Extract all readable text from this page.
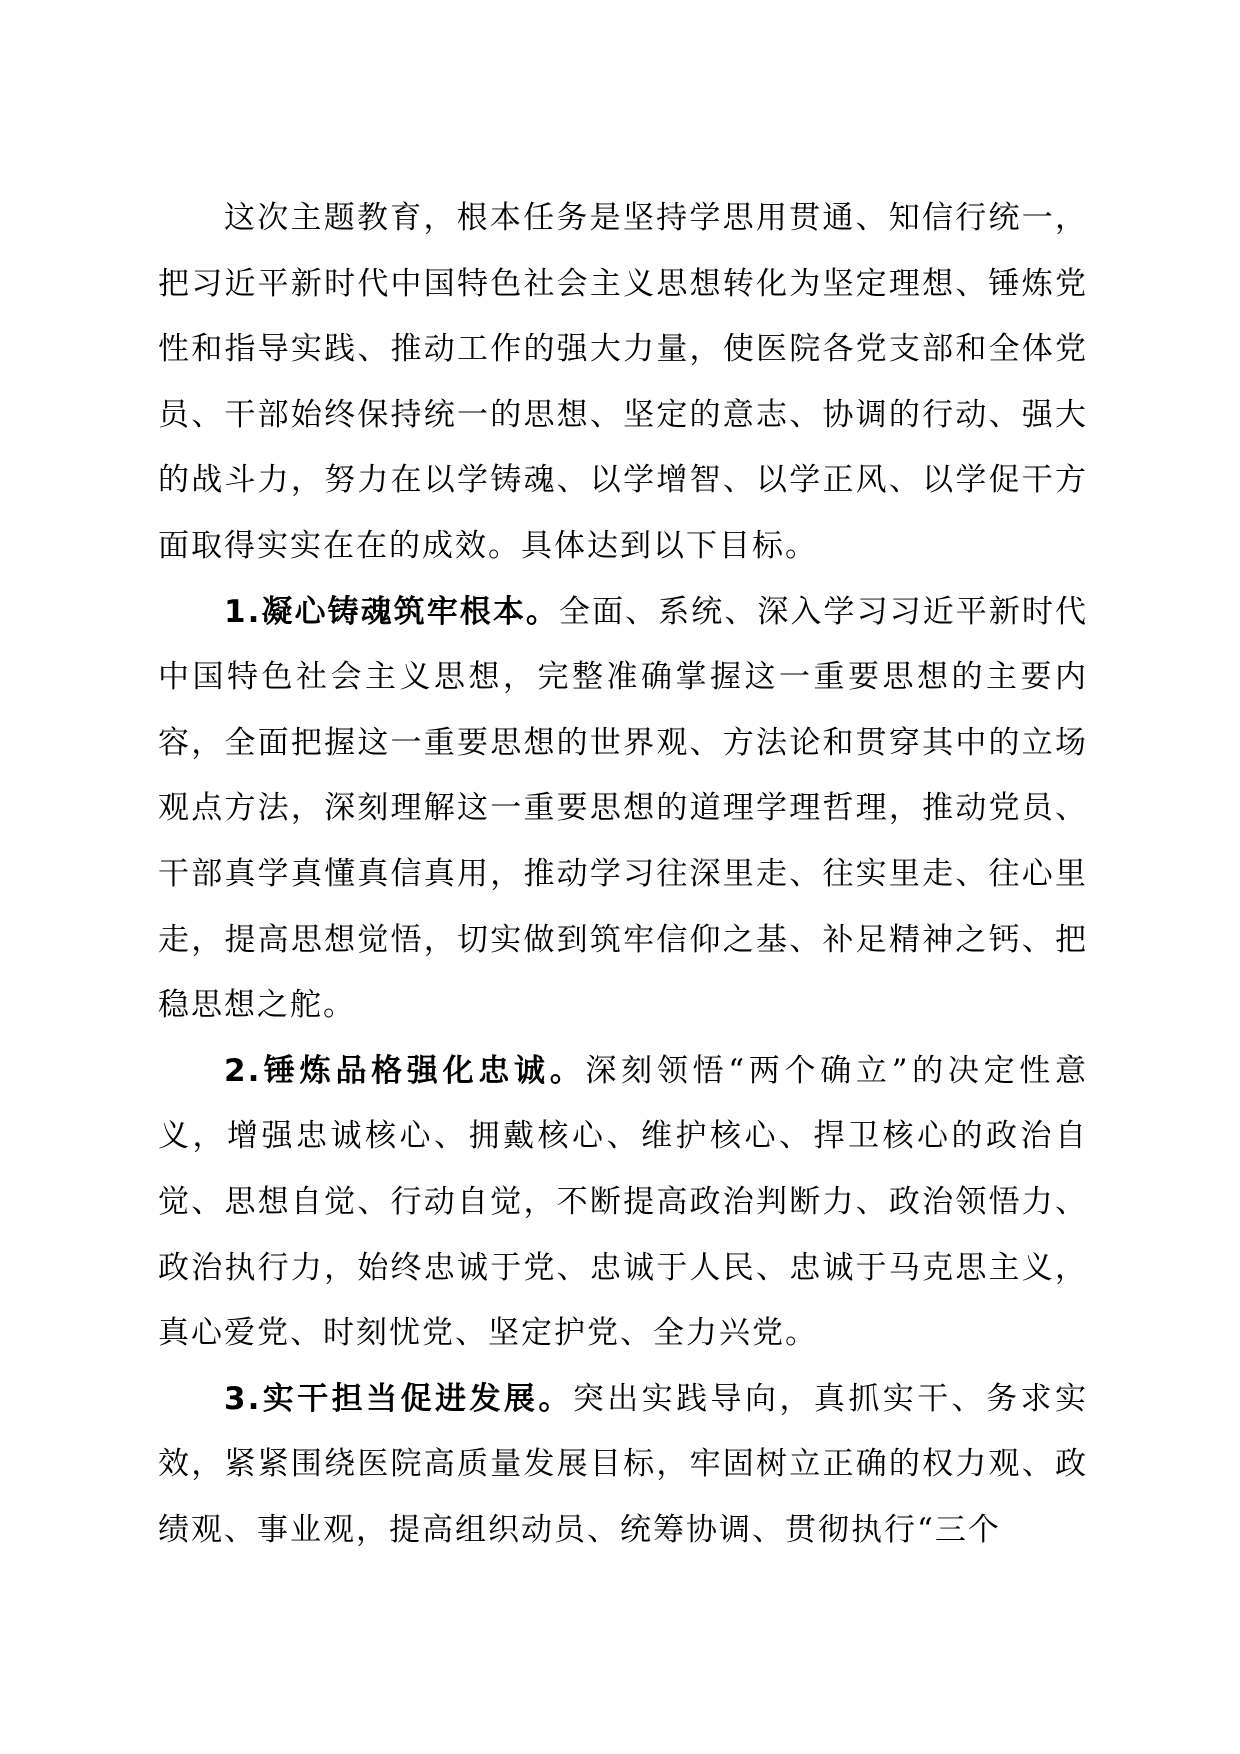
这次主题教育，根本任务是坚持学思用贯通、知信行统一，把习近平新时代中国特色社会主义思想转化为坚定理想、锤炼党性和指导实践、推动工作的强大力量，使医院各党支部和全体党员、干部始终保持统一的思想、坚定的意志、协调的行动、强大的战斗力，努力在以学铸魂、以学增智、以学正风、以学促干方面取得实实在在的成效。具体达到以下目标。

1.凝心铸魂筑牢根本。全面、系统、深入学习习近平新时代中国特色社会主义思想，完整准确掌握这一重要思想的主要内容，全面把握这一重要思想的世界观、方法论和贯穿其中的立场观点方法，深刻理解这一重要思想的道理学理哲理，推动党员、干部真学真懂真信真用，推动学习往深里走、往实里走、往心里走，提高思想觉悟，切实做到筑牢信仰之基、补足精神之钙、把稳思想之舵。

2.锤炼品格强化忠诚。深刻领悟“两个确立”的决定性意义，增强忠诚核心、拥戴核心、维护核心、捍卫核心的政治自觉、思想自觉、行动自觉，不断提高政治判断力、政治领悟力、政治执行力，始终忠诚于党、忠诚于人民、忠诚于马克思主义，真心爱党、时刻忧党、坚定护党、全力兴党。

3.实干担当促进发展。突出实践导向，真抓实干、务求实效，紧紧围绕医院高质量发展目标，牢固树立正确的权力观、政绩观、事业观，提高组织动员、统筹协调、贯彻执行“三个
